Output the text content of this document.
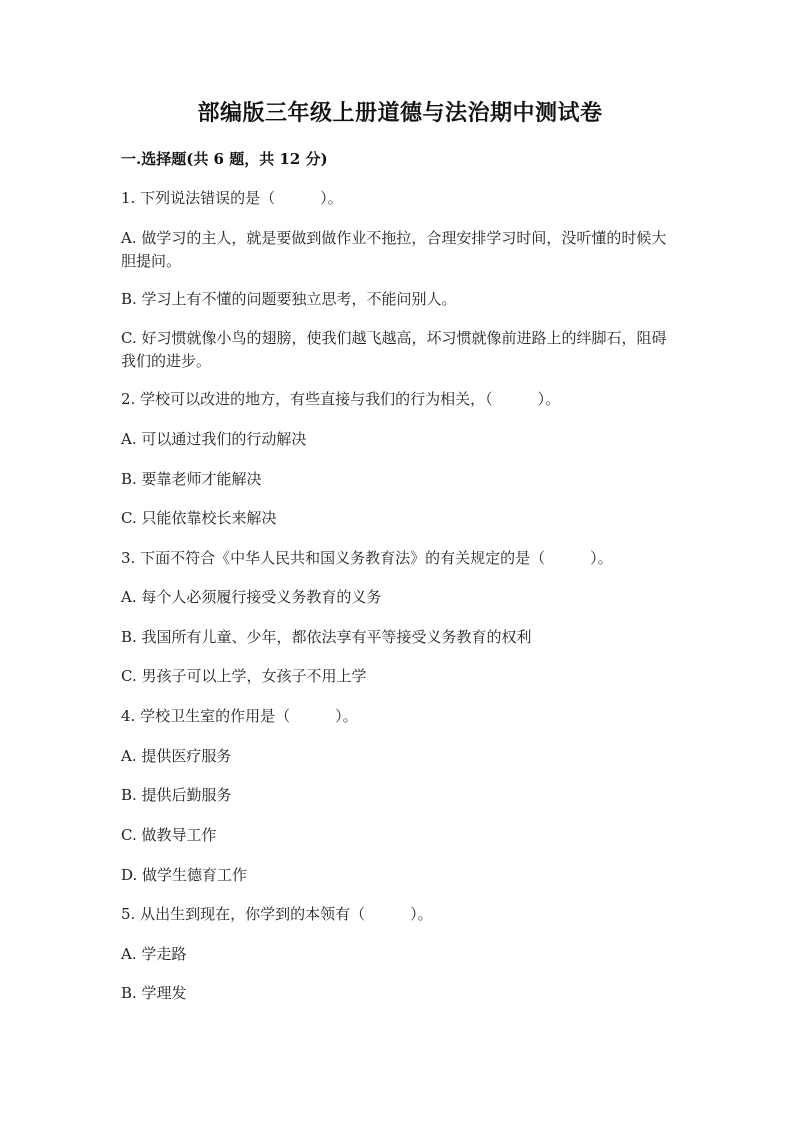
部编版三年级上册道德与法治期中测试卷
一.选择题(共 6 题，共 12 分)
1. 下列说法错误的是（　　　）。
A. 做学习的主人，就是要做到做作业不拖拉，合理安排学习时间，没听懂的时候大胆提问。
B. 学习上有不懂的问题要独立思考，不能问别人。
C. 好习惯就像小鸟的翅膀，使我们越飞越高，坏习惯就像前进路上的绊脚石，阻碍我们的进步。
2. 学校可以改进的地方，有些直接与我们的行为相关，（　　　）。
A. 可以通过我们的行动解决
B. 要靠老师才能解决
C. 只能依靠校长来解决
3. 下面不符合《中华人民共和国义务教育法》的有关规定的是（　　　）。
A. 每个人必须履行接受义务教育的义务
B. 我国所有儿童、少年，都依法享有平等接受义务教育的权利
C. 男孩子可以上学，女孩子不用上学
4. 学校卫生室的作用是（　　　）。
A. 提供医疗服务
B. 提供后勤服务
C. 做教导工作
D. 做学生德育工作
5. 从出生到现在，你学到的本领有（　　　）。
A. 学走路
B. 学理发
